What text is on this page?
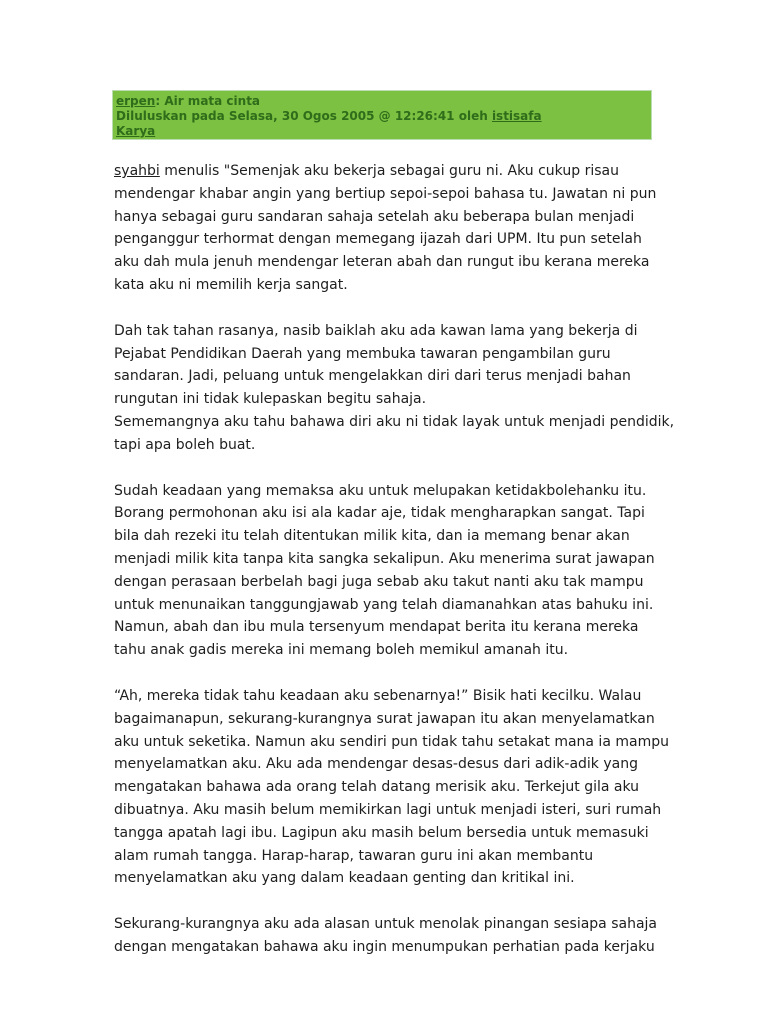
erpen: Air mata cinta
Diluluskan pada Selasa, 30 Ogos 2005 @ 12:26:41 oleh istisafa
Karya

syahbi menulis "Semenjak aku bekerja sebagai guru ni. Aku cukup risau
mendengar khabar angin yang bertiup sepoi-sepoi bahasa tu. Jawatan ni pun
hanya sebagai guru sandaran sahaja setelah aku beberapa bulan menjadi
penganggur terhormat dengan memegang ijazah dari UPM. Itu pun setelah
aku dah mula jenuh mendengar leteran abah dan rungut ibu kerana mereka
kata aku ni memilih kerja sangat.

Dah tak tahan rasanya, nasib baiklah aku ada kawan lama yang bekerja di
Pejabat Pendidikan Daerah yang membuka tawaran pengambilan guru
sandaran. Jadi, peluang untuk mengelakkan diri dari terus menjadi bahan
rungutan ini tidak kulepaskan begitu sahaja.
Sememangnya aku tahu bahawa diri aku ni tidak layak untuk menjadi pendidik,
tapi apa boleh buat.

Sudah keadaan yang memaksa aku untuk melupakan ketidakbolehanku itu.
Borang permohonan aku isi ala kadar aje, tidak mengharapkan sangat. Tapi
bila dah rezeki itu telah ditentukan milik kita, dan ia memang benar akan
menjadi milik kita tanpa kita sangka sekalipun. Aku menerima surat jawapan
dengan perasaan berbelah bagi juga sebab aku takut nanti aku tak mampu
untuk menunaikan tanggungjawab yang telah diamanahkan atas bahuku ini.
Namun, abah dan ibu mula tersenyum mendapat berita itu kerana mereka
tahu anak gadis mereka ini memang boleh memikul amanah itu.

“Ah, mereka tidak tahu keadaan aku sebenarnya!” Bisik hati kecilku. Walau
bagaimanapun, sekurang-kurangnya surat jawapan itu akan menyelamatkan
aku untuk seketika. Namun aku sendiri pun tidak tahu setakat mana ia mampu
menyelamatkan aku. Aku ada mendengar desas-desus dari adik-adik yang
mengatakan bahawa ada orang telah datang merisik aku. Terkejut gila aku
dibuatnya. Aku masih belum memikirkan lagi untuk menjadi isteri, suri rumah
tangga apatah lagi ibu. Lagipun aku masih belum bersedia untuk memasuki
alam rumah tangga. Harap-harap, tawaran guru ini akan membantu
menyelamatkan aku yang dalam keadaan genting dan kritikal ini.

Sekurang-kurangnya aku ada alasan untuk menolak pinangan sesiapa sahaja
dengan mengatakan bahawa aku ingin menumpukan perhatian pada kerjaku
